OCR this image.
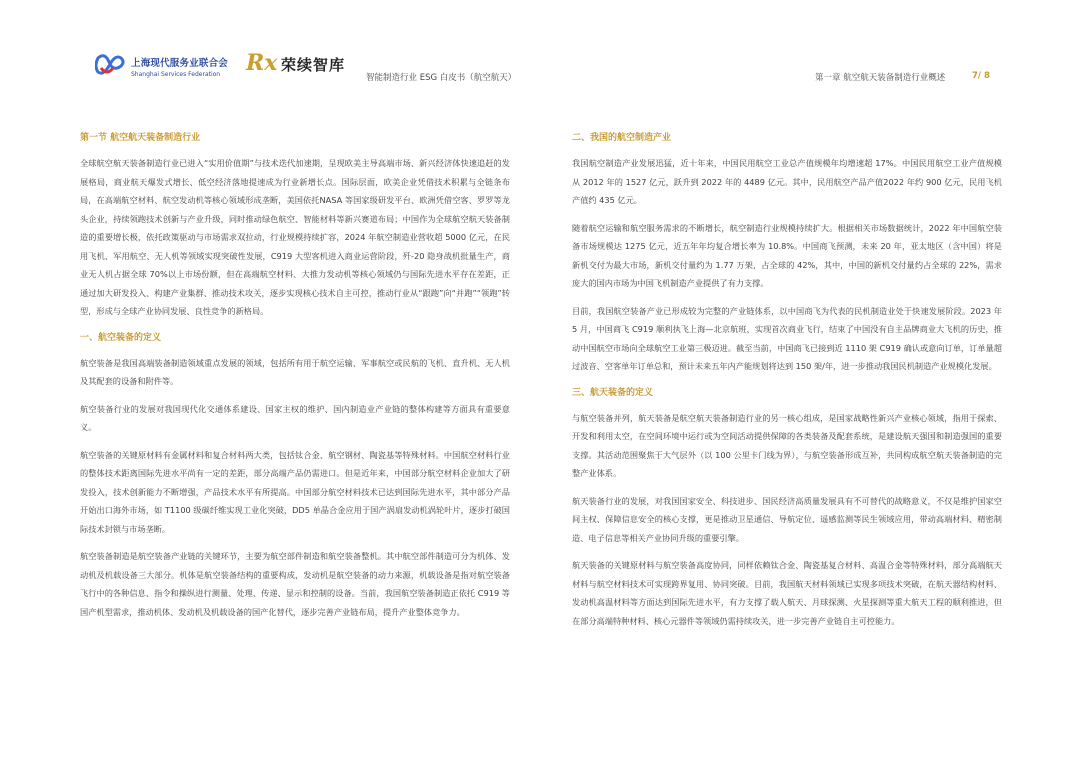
上海现代服务业联合会
Shanghai Services Federation	Rx 荣续智库
智能制造行业 ESG 白皮书（航空航天）	第一章 航空航天装备制造行业概述	7/ 8
第一节 航空航天装备制造行业

全球航空航天装备制造行业已进入“实用价值期”与技术迭代加速期，呈现欧美主导高端市场、新兴经济体快速追赶的发展格局，商业航天爆发式增长、低空经济落地提速成为行业新增长点。国际层面，欧美企业凭借技术积累与全链条布局，在高端航空材料、航空发动机等核心领域形成垄断，美国依托NASA 等国家级研发平台、欧洲凭借空客、罗罗等龙头企业，持续领跑技术创新与产业升级，同时推动绿色航空、智能材料等新兴赛道布局；中国作为全球航空航天装备制造的重要增长极，依托政策驱动与市场需求双拉动，行业规模持续扩容，2024 年航空制造业营收超 5000 亿元，在民用飞机、军用航空、无人机等领域实现突破性发展，C919 大型客机进入商业运营阶段，歼-20 隐身战机批量生产，商业无人机占据全球 70%以上市场份额，但在高端航空材料、大推力发动机等核心领域仍与国际先进水平存在差距，正通过加大研发投入、构建产业集群、推动技术攻关，逐步实现核心技术自主可控，推动行业从“跟跑”向“并跑”“领跑”转型，形成与全球产业协同发展、良性竞争的新格局。

一、航空装备的定义

航空装备是我国高端装备制造领域重点发展的领域，包括所有用于航空运输、军事航空或民航的飞机、直升机、无人机及其配套的设备和附件等。

航空装备行业的发展对我国现代化交通体系建设、国家主权的维护、国内制造业产业链的整体构建等方面具有重要意义。

航空装备的关键原材料有金属材料和复合材料两大类，包括钛合金、航空钢材、陶瓷基等特殊材料。中国航空材料行业的整体技术距离国际先进水平尚有一定的差距，部分高端产品仍需进口。但是近年来，中国部分航空材料企业加大了研发投入，技术创新能力不断增强，产品技术水平有所提高。中国部分航空材料技术已达到国际先进水平，其中部分产品开始出口海外市场，如 T1100 级碳纤维实现工业化突破，DD5 单晶合金应用于国产涡扇发动机涡轮叶片，逐步打破国际技术封锁与市场垄断。

航空装备制造是航空装备产业链的关键环节，主要为航空部件制造和航空装备整机。其中航空部件制造可分为机体、发动机及机载设备三大部分。机体是航空装备结构的重要构成，发动机是航空装备的动力来源，机载设备是指对航空装备飞行中的各种信息、指令和操纵进行测量、处理、传递、显示和控制的设备。当前，我国航空装备制造正依托 C919 等国产机型需求，推动机体、发动机及机载设备的国产化替代，逐步完善产业链布局，提升产业整体竞争力。

二、我国的航空制造产业

我国航空制造产业发展迅猛，近十年来，中国民用航空工业总产值规模年均增速超 17%。中国民用航空工业产值规模从 2012 年的 1527 亿元，跃升到 2022 年的 4489 亿元。其中，民用航空产品产值2022 年约 900 亿元，民用飞机产值约 435 亿元。

随着航空运输和航空服务需求的不断增长，航空制造行业规模持续扩大。根据相关市场数据统计，2022 年中国航空装备市场规模达 1275 亿元，近五年年均复合增长率为 10.8%。中国商飞预测，未来 20 年，亚太地区（含中国）将是新机交付为最大市场，新机交付量约为 1.77 万架，占全球的 42%，其中，中国的新机交付量约占全球的 22%，需求庞大的国内市场为中国飞机制造产业提供了有力支撑。

目前，我国航空装备产业已形成较为完整的产业链体系，以中国商飞为代表的民机制造业处于快速发展阶段。2023 年 5 月，中国商飞 C919 顺利执飞上海—北京航班，实现首次商业飞行，结束了中国没有自主品牌商业大飞机的历史，推动中国航空市场向全球航空工业第三极迈进。截至当前，中国商飞已接到近 1110 架 C919 确认或意向订单，订单量超过波音、空客单年订单总和，预计未来五年内产能规划将达到 150 架/年，进一步推动我国民机制造产业规模化发展。

三、航天装备的定义

与航空装备并列，航天装备是航空航天装备制造行业的另一核心组成，是国家战略性新兴产业核心领域，指用于探索、开发和利用太空，在空间环境中运行或为空间活动提供保障的各类装备及配套系统，是建设航天强国和制造强国的重要支撑。其活动范围聚焦于大气层外（以 100 公里卡门线为界），与航空装备形成互补，共同构成航空航天装备制造的完整产业体系。

航天装备行业的发展，对我国国家安全、科技进步、国民经济高质量发展具有不可替代的战略意义，不仅是维护国家空间主权、保障信息安全的核心支撑，更是推动卫星通信、导航定位、遥感监测等民生领域应用，带动高端材料、精密制造、电子信息等相关产业协同升级的重要引擎。

航天装备的关键原材料与航空装备高度协同，同样依赖钛合金、陶瓷基复合材料、高温合金等特殊材料，部分高端航天材料与航空材料技术可实现跨界复用、协同突破。目前，我国航天材料领域已实现多项技术突破，在航天器结构材料、发动机高温材料等方面达到国际先进水平，有力支撑了载人航天、月球探测、火星探测等重大航天工程的顺利推进，但在部分高端特种材料、核心元器件等领域仍需持续攻关，进一步完善产业链自主可控能力。
